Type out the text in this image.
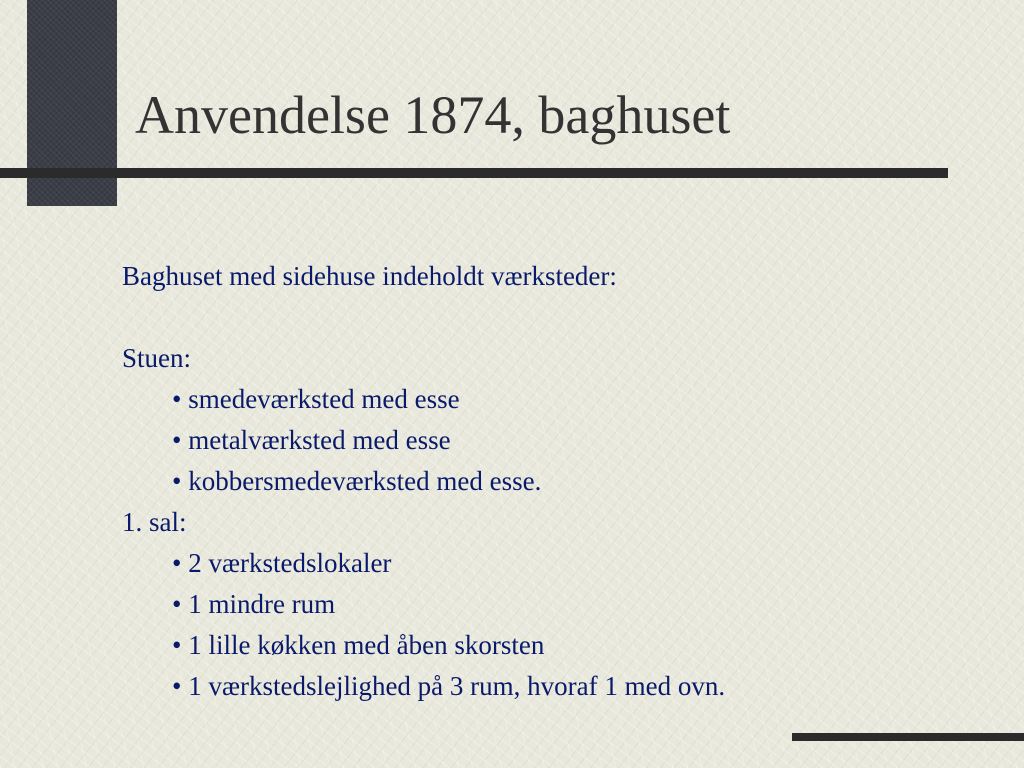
Anvendelse 1874, baghuset
Baghuset med sidehuse indeholdt værksteder:
Stuen:
• smedeværksted med esse
• metalværksted med esse
• kobbersmedeværksted med esse.
1. sal:
• 2 værkstedslokaler
• 1 mindre rum
• 1 lille køkken med åben skorsten
• 1 værkstedslejlighed på 3 rum, hvoraf 1 med ovn.
